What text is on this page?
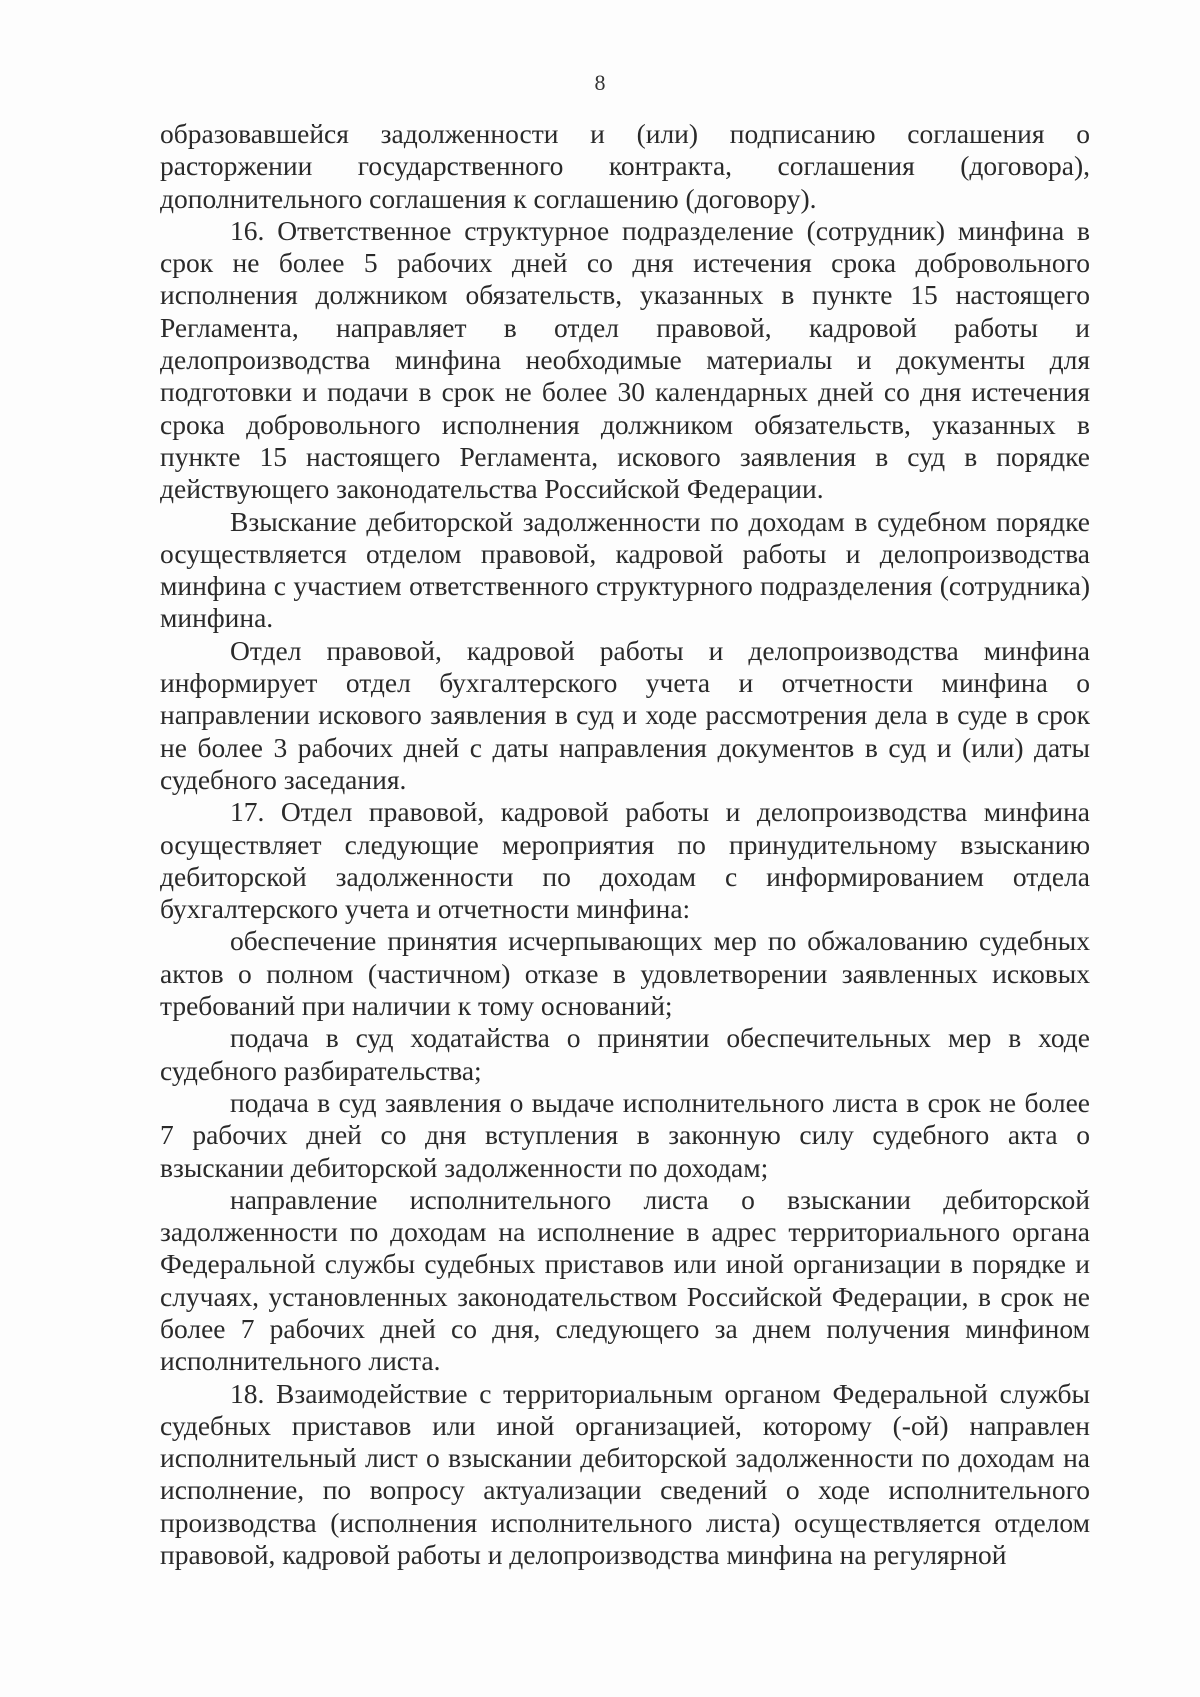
8

образовавшейся задолженности и (или) подписанию соглашения о расторжении государственного контракта, соглашения (договора), дополнительного соглашения к соглашению (договору).

16. Ответственное структурное подразделение (сотрудник) минфина в срок не более 5 рабочих дней со дня истечения срока добровольного исполнения должником обязательств, указанных в пункте 15 настоящего Регламента, направляет в отдел правовой, кадровой работы и делопроизводства минфина необходимые материалы и документы для подготовки и подачи в срок не более 30 календарных дней со дня истечения срока добровольного исполнения должником обязательств, указанных в пункте 15 настоящего Регламента, искового заявления в суд в порядке действующего законодательства Российской Федерации.

Взыскание дебиторской задолженности по доходам в судебном порядке осуществляется отделом правовой, кадровой работы и делопроизводства минфина с участием ответственного структурного подразделения (сотрудника) минфина.

Отдел правовой, кадровой работы и делопроизводства минфина информирует отдел бухгалтерского учета и отчетности минфина о направлении искового заявления в суд и ходе рассмотрения дела в суде в срок не более 3 рабочих дней с даты направления документов в суд и (или) даты судебного заседания.

17. Отдел правовой, кадровой работы и делопроизводства минфина осуществляет следующие мероприятия по принудительному взысканию дебиторской задолженности по доходам с информированием отдела бухгалтерского учета и отчетности минфина:

обеспечение принятия исчерпывающих мер по обжалованию судебных актов о полном (частичном) отказе в удовлетворении заявленных исковых требований при наличии к тому оснований;

подача в суд ходатайства о принятии обеспечительных мер в ходе судебного разбирательства;

подача в суд заявления о выдаче исполнительного листа в срок не более 7 рабочих дней со дня вступления в законную силу судебного акта о взыскании дебиторской задолженности по доходам;

направление исполнительного листа о взыскании дебиторской задолженности по доходам на исполнение в адрес территориального органа Федеральной службы судебных приставов или иной организации в порядке и случаях, установленных законодательством Российской Федерации, в срок не более 7 рабочих дней со дня, следующего за днем получения минфином исполнительного листа.

18. Взаимодействие с территориальным органом Федеральной службы судебных приставов или иной организацией, которому (-ой) направлен исполнительный лист о взыскании дебиторской задолженности по доходам на исполнение, по вопросу актуализации сведений о ходе исполнительного производства (исполнения исполнительного листа) осуществляется отделом правовой, кадровой работы и делопроизводства минфина на регулярной
